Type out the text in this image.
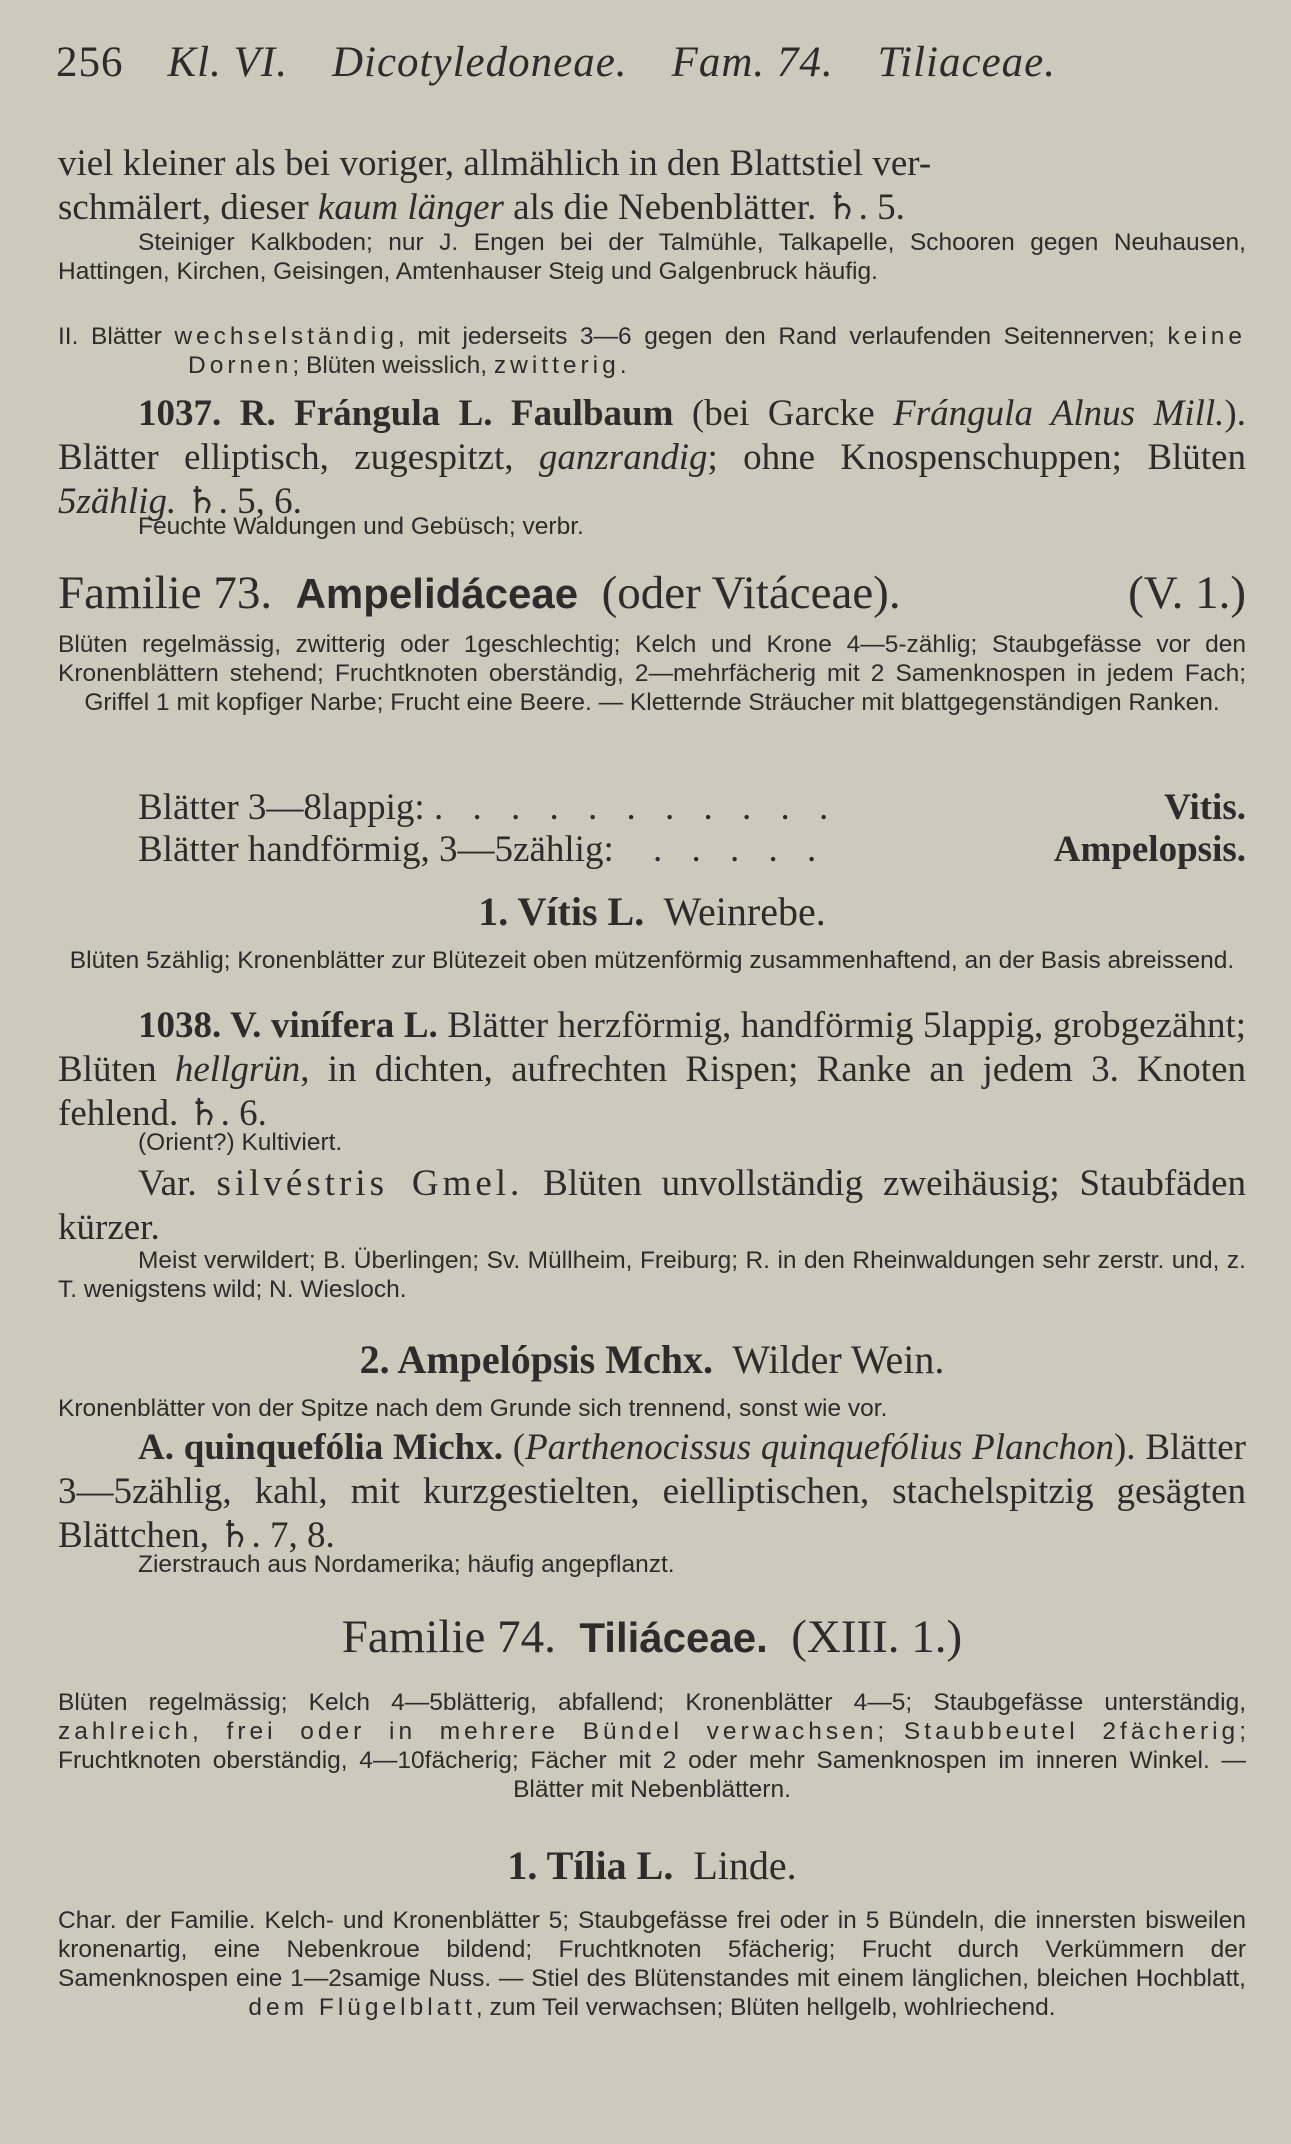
256 Kl. VI. Dicotyledoneae. Fam. 74. Tiliaceae.
viel kleiner als bei voriger, allmählich in den Blattstiel ver-
schmälert, dieser kaum länger als die Nebenblätter. ♄. 5.
Steiniger Kalkboden; nur J. Engen bei der Talmühle, Talkapelle, Schooren gegen Neuhausen, Hattingen, Kirchen, Geisingen, Amtenhauser Steig und Galgenbruck häufig.
II. Blätter wechselständig, mit jederseits 3—6 gegen den Rand verlaufenden Seitennerven; keine Dornen; Blüten weisslich, zwitterig.
1037. R. Frángula L. Faulbaum (bei Garcke Frángula Alnus Mill.). Blätter elliptisch, zugespitzt, ganzrandig; ohne Knospenschuppen; Blüten 5zählig. ♄. 5, 6.
Feuchte Waldungen und Gebüsch; verbr.
Familie 73. Ampelidáceae (oder Vitáceae).	(V. 1.)
Blüten regelmässig, zwitterig oder 1geschlechtig; Kelch und Krone 4—5-zählig; Staubgefässe vor den Kronenblättern stehend; Fruchtknoten oberständig, 2—mehrfächerig mit 2 Samenknospen in jedem Fach; Griffel 1 mit kopfiger Narbe; Frucht eine Beere. — Kletternde Sträucher mit blattgegenständigen Ranken.
Blätter 3—8lappig: . . . . . . . . . . .	Vitis.
Blätter handförmig, 3—5zählig: . . . . .	Ampelopsis.
1. Vítis L. Weinrebe.
Blüten 5zählig; Kronenblätter zur Blütezeit oben mützenförmig zusammenhaftend, an der Basis abreissend.
1038. V. vinífera L. Blätter herzförmig, handförmig 5lappig, grobgezähnt; Blüten hellgrün, in dichten, aufrechten Rispen; Ranke an jedem 3. Knoten fehlend. ♄. 6.
(Orient?) Kultiviert.
Var. silvéstris Gmel. Blüten unvollständig zweihäusig; Staubfäden kürzer.
Meist verwildert; B. Überlingen; Sv. Müllheim, Freiburg; R. in den Rheinwaldungen sehr zerstr. und, z. T. wenigstens wild; N. Wiesloch.
2. Ampelópsis Mchx. Wilder Wein.
Kronenblätter von der Spitze nach dem Grunde sich trennend, sonst wie vor.
A. quinquefólia Michx. (Parthenocissus quinquefólius Planchon). Blätter 3—5zählig, kahl, mit kurzgestielten, eielliptischen, stachelspitzig gesägten Blättchen, ♄. 7, 8.
Zierstrauch aus Nordamerika; häufig angepflanzt.
Familie 74. Tiliáceae. (XIII. 1.)
Blüten regelmässig; Kelch 4—5blätterig, abfallend; Kronenblätter 4—5; Staubgefässe unterständig, zahlreich, frei oder in mehrere Bündel verwachsen; Staubbeutel 2fächerig; Fruchtknoten oberständig, 4—10fächerig; Fächer mit 2 oder mehr Samenknospen im inneren Winkel. — Blätter mit Nebenblättern.
1. Tília L. Linde.
Char. der Familie. Kelch- und Kronenblätter 5; Staubgefässe frei oder in 5 Bündeln, die innersten bisweilen kronenartig, eine Nebenkroue bildend; Fruchtknoten 5fächerig; Frucht durch Verkümmern der Samenknospen eine 1—2samige Nuss. — Stiel des Blütenstandes mit einem länglichen, bleichen Hochblatt, dem Flügelblatt, zum Teil verwachsen; Blüten hellgelb, wohlriechend.
